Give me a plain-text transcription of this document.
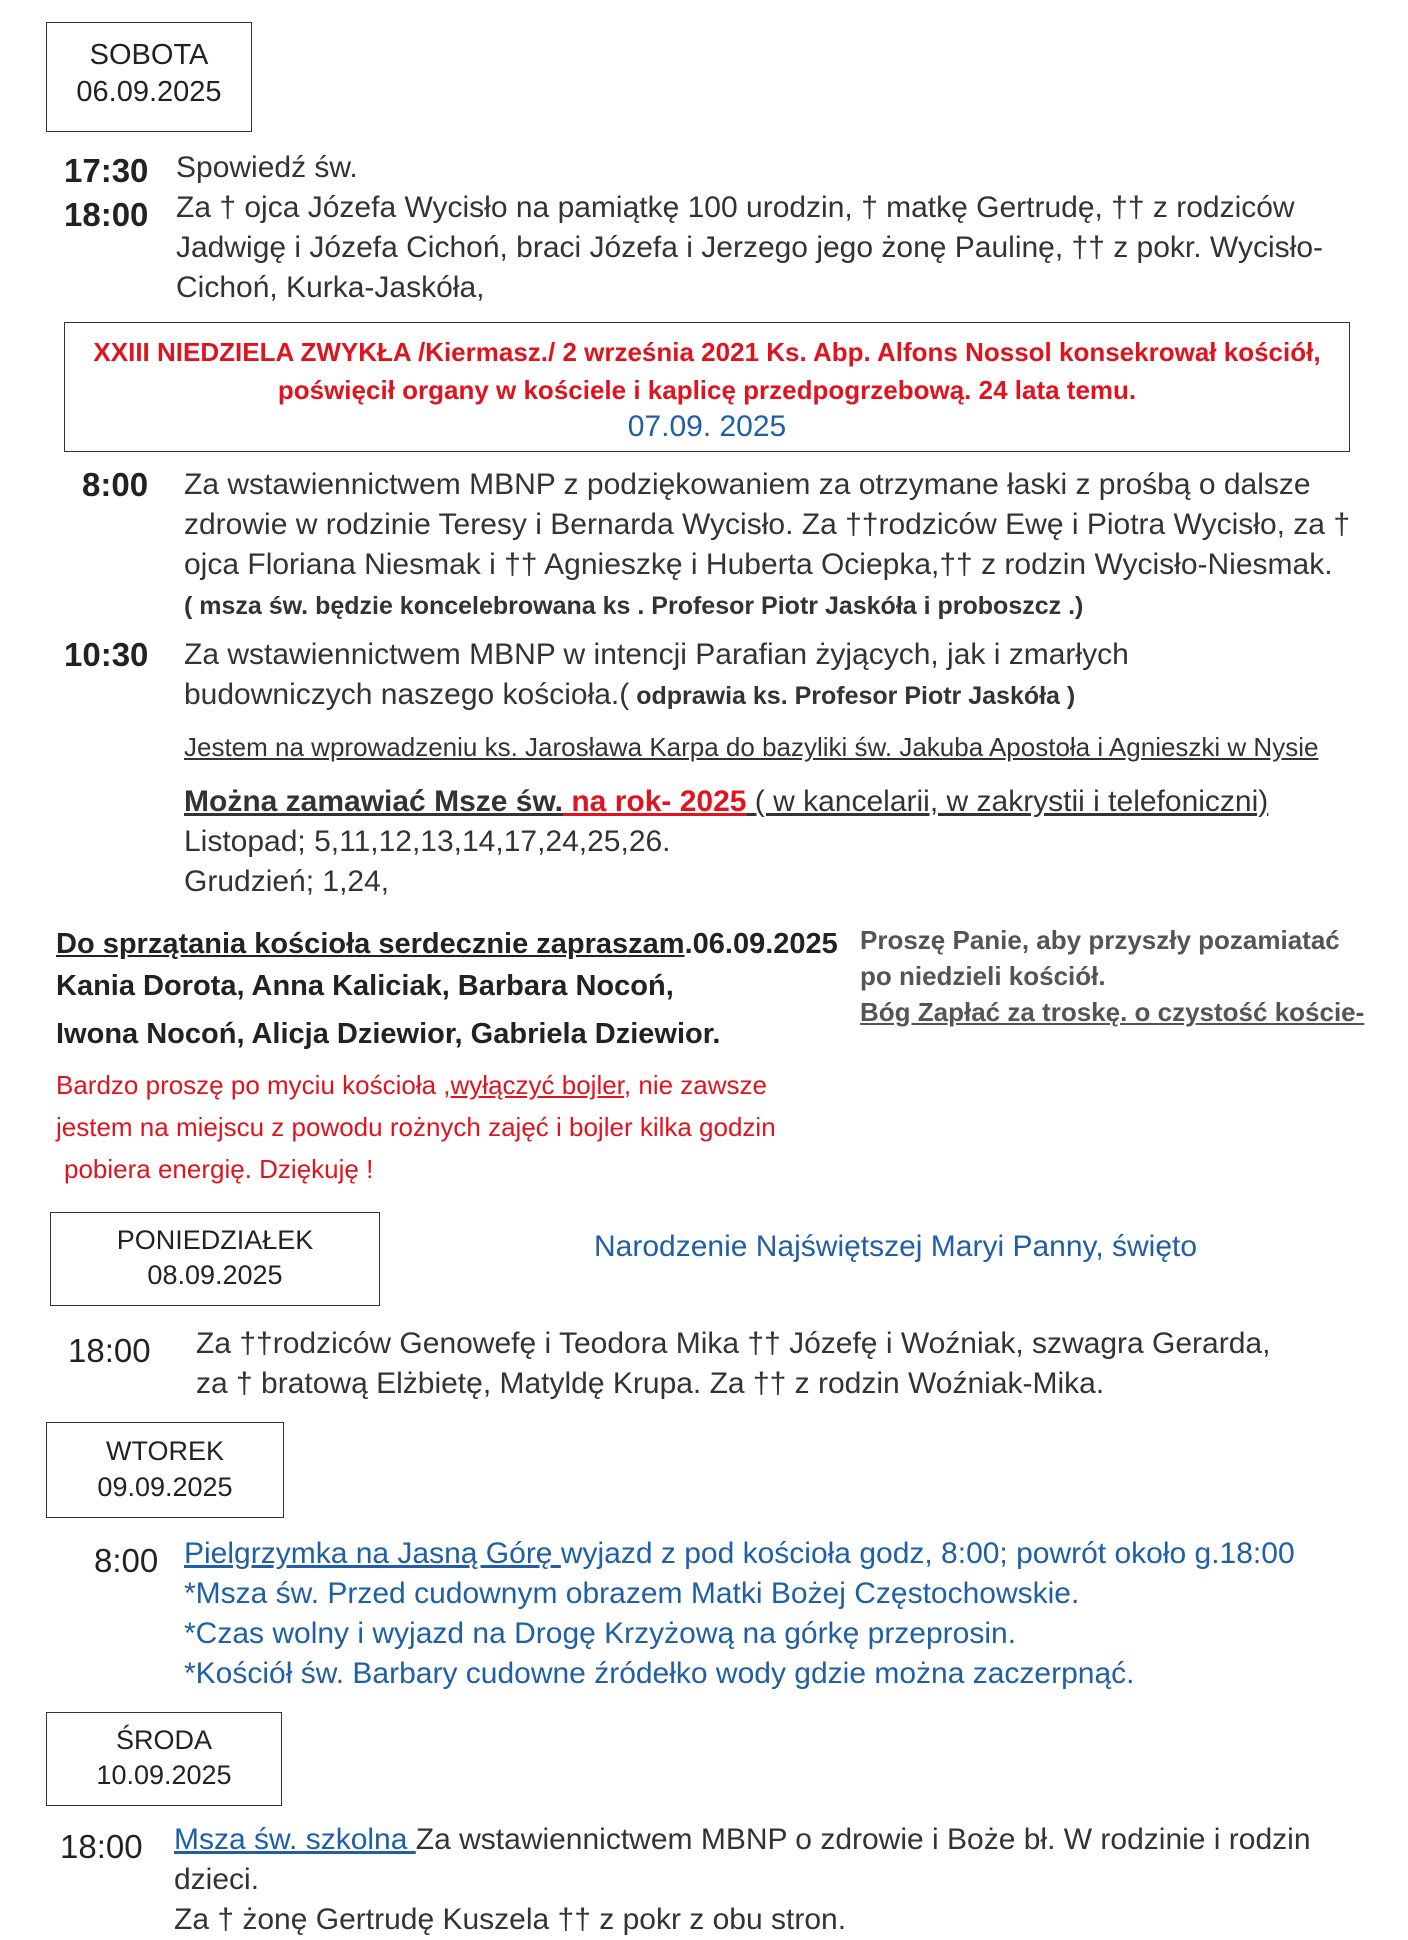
SOBOTA
06.09.2025
17:30
18:00
Spowiedź św.
Za † ojca Józefa Wycisło na pamiątkę 100 urodzin, † matkę Gertrudę, †† z rodziców Jadwigę i Józefa Cichoń, braci Józefa i Jerzego jego żonę Paulinę, †† z pokr. Wycisło- Cichoń, Kurka-Jaskóła,
XXIII NIEDZIELA ZWYKŁA /Kiermasz./ 2 września 2021 Ks. Abp. Alfons Nossol konsekrował kościół,
poświęcił organy w kościele i kaplicę przedpogrzebową. 24 lata temu.
07.09. 2025
8:00 Za wstawiennictwem MBNP z podziękowaniem za otrzymane łaski z prośbą o dalsze zdrowie w rodzinie Teresy i Bernarda Wycisło. Za ††rodziców Ewę i Piotra Wycisło, za † ojca Floriana Niesmak i †† Agnieszkę i Huberta Ociepka,†† z rodzin Wycisło-Niesmak.
( msza św. będzie koncelebrowana ks . Profesor Piotr Jaskóła i proboszcz .)
10:30 Za wstawiennictwem MBNP w intencji Parafian żyjących, jak i zmarłych budowniczych naszego kościoła.( odprawia ks. Profesor Piotr Jaskóła )
Jestem na wprowadzeniu ks. Jarosława Karpa do bazyliki św. Jakuba Apostoła i Agnieszki w Nysie
Można zamawiać Msze św. na rok- 2025 ( w kancelarii, w zakrystii i telefoniczni)
Listopad; 5,11,12,13,14,17,24,25,26.
Grudzień; 1,24,
Do sprzątania kościoła serdecznie zapraszam.06.09.2025
Kania Dorota, Anna Kaliciak, Barbara Nocoń,
Iwona Nocoń, Alicja Dziewior, Gabriela Dziewior.
Bardzo proszę po myciu kościoła ,wyłączyć bojler, nie zawsze jestem na miejscu z powodu rożnych zajęć i bojler kilka godzin
pobiera energię. Dziękuję !
Proszę Panie, aby przyszły pozamiatać
po niedzieli kościół.
Bóg Zapłać za troskę. o czystość koście-
PONIEDZIAŁEK
08.09.2025
Narodzenie Najświętszej Maryi Panny, święto
18:00 Za ††rodziców Genowefę i Teodora Mika †† Józefę i Woźniak, szwagra Gerarda, za † bratową Elżbietę, Matyldę Krupa. Za †† z rodzin Woźniak-Mika.
WTOREK
09.09.2025
8:00 Pielgrzymka na Jasną Górę wyjazd z pod kościoła godz, 8:00; powrót około g.18:00
*Msza św. Przed cudownym obrazem Matki Bożej Częstochowskie.
*Czas wolny i wyjazd na Drogę Krzyżową na górkę przeprosin.
*Kościół św. Barbary cudowne źródełko wody gdzie można zaczerpnąć.
ŚRODA
10.09.2025
18:00 Msza św. szkolna Za wstawiennictwem MBNP o zdrowie i Boże bł. W rodzinie i rodzin dzieci.
Za † żonę Gertrudę Kuszela †† z pokr z obu stron.
